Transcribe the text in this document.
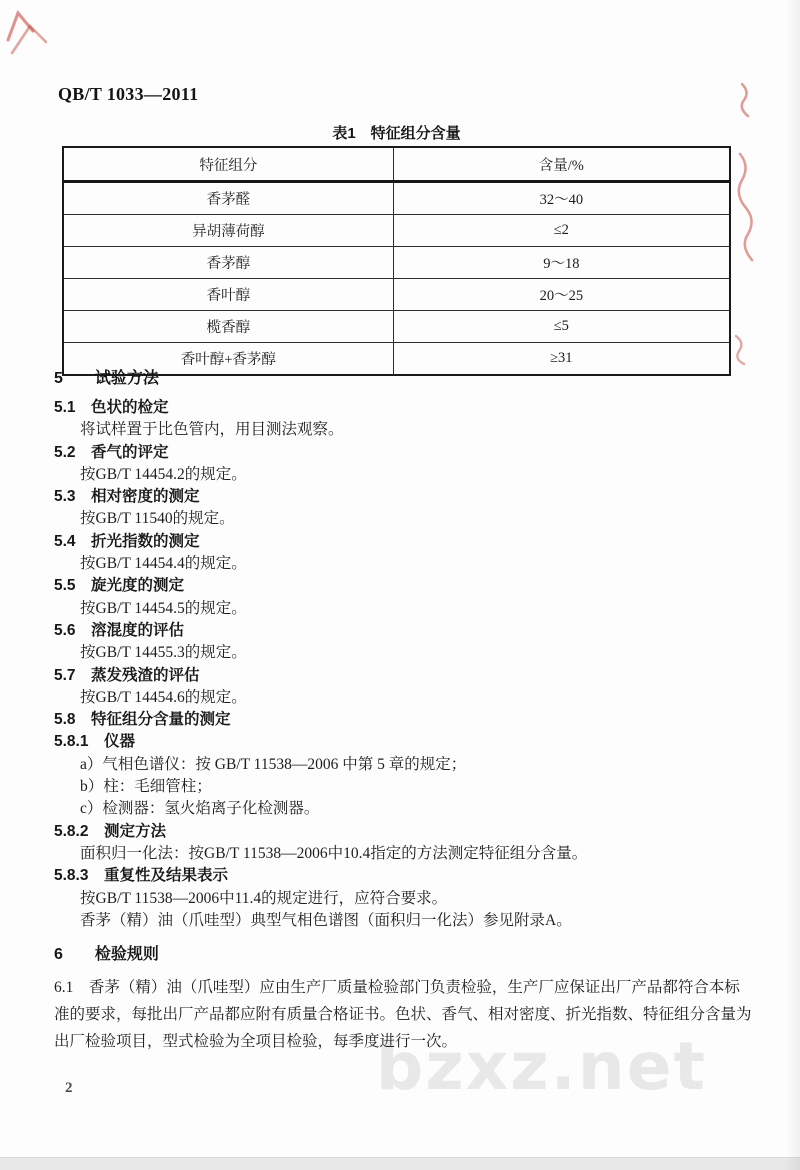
bzxz.net
QB/T 1033—2011
表1　特征组分含量
特征组分	含量/%
香茅醛	32～40
异胡薄荷醇	≤2
香茅醇	9～18
香叶醇	20～25
榄香醇	≤5
香叶醇+香茅醇	≥31
5　　试验方法
5.1　色状的检定
将试样置于比色管内，用目测法观察。
5.2　香气的评定
按GB/T 14454.2的规定。
5.3　相对密度的测定
按GB/T 11540的规定。
5.4　折光指数的测定
按GB/T 14454.4的规定。
5.5　旋光度的测定
按GB/T 14454.5的规定。
5.6　溶混度的评估
按GB/T 14455.3的规定。
5.7　蒸发残渣的评估
按GB/T 14454.6的规定。
5.8　特征组分含量的测定
5.8.1　仪器
a）气相色谱仪：按 GB/T 11538—2006 中第 5 章的规定；
b）柱：毛细管柱；
c）检测器：氢火焰离子化检测器。
5.8.2　测定方法
面积归一化法：按GB/T 11538—2006中10.4指定的方法测定特征组分含量。
5.8.3　重复性及结果表示
按GB/T 11538—2006中11.4的规定进行，应符合要求。
香茅（精）油（爪哇型）典型气相色谱图（面积归一化法）参见附录A。
6　　检验规则
6.1　香茅（精）油（爪哇型）应由生产厂质量检验部门负责检验，生产厂应保证出厂产品都符合本标
准的要求，每批出厂产品都应附有质量合格证书。色状、香气、相对密度、折光指数、特征组分含量为
出厂检验项目，型式检验为全项目检验，每季度进行一次。
2
